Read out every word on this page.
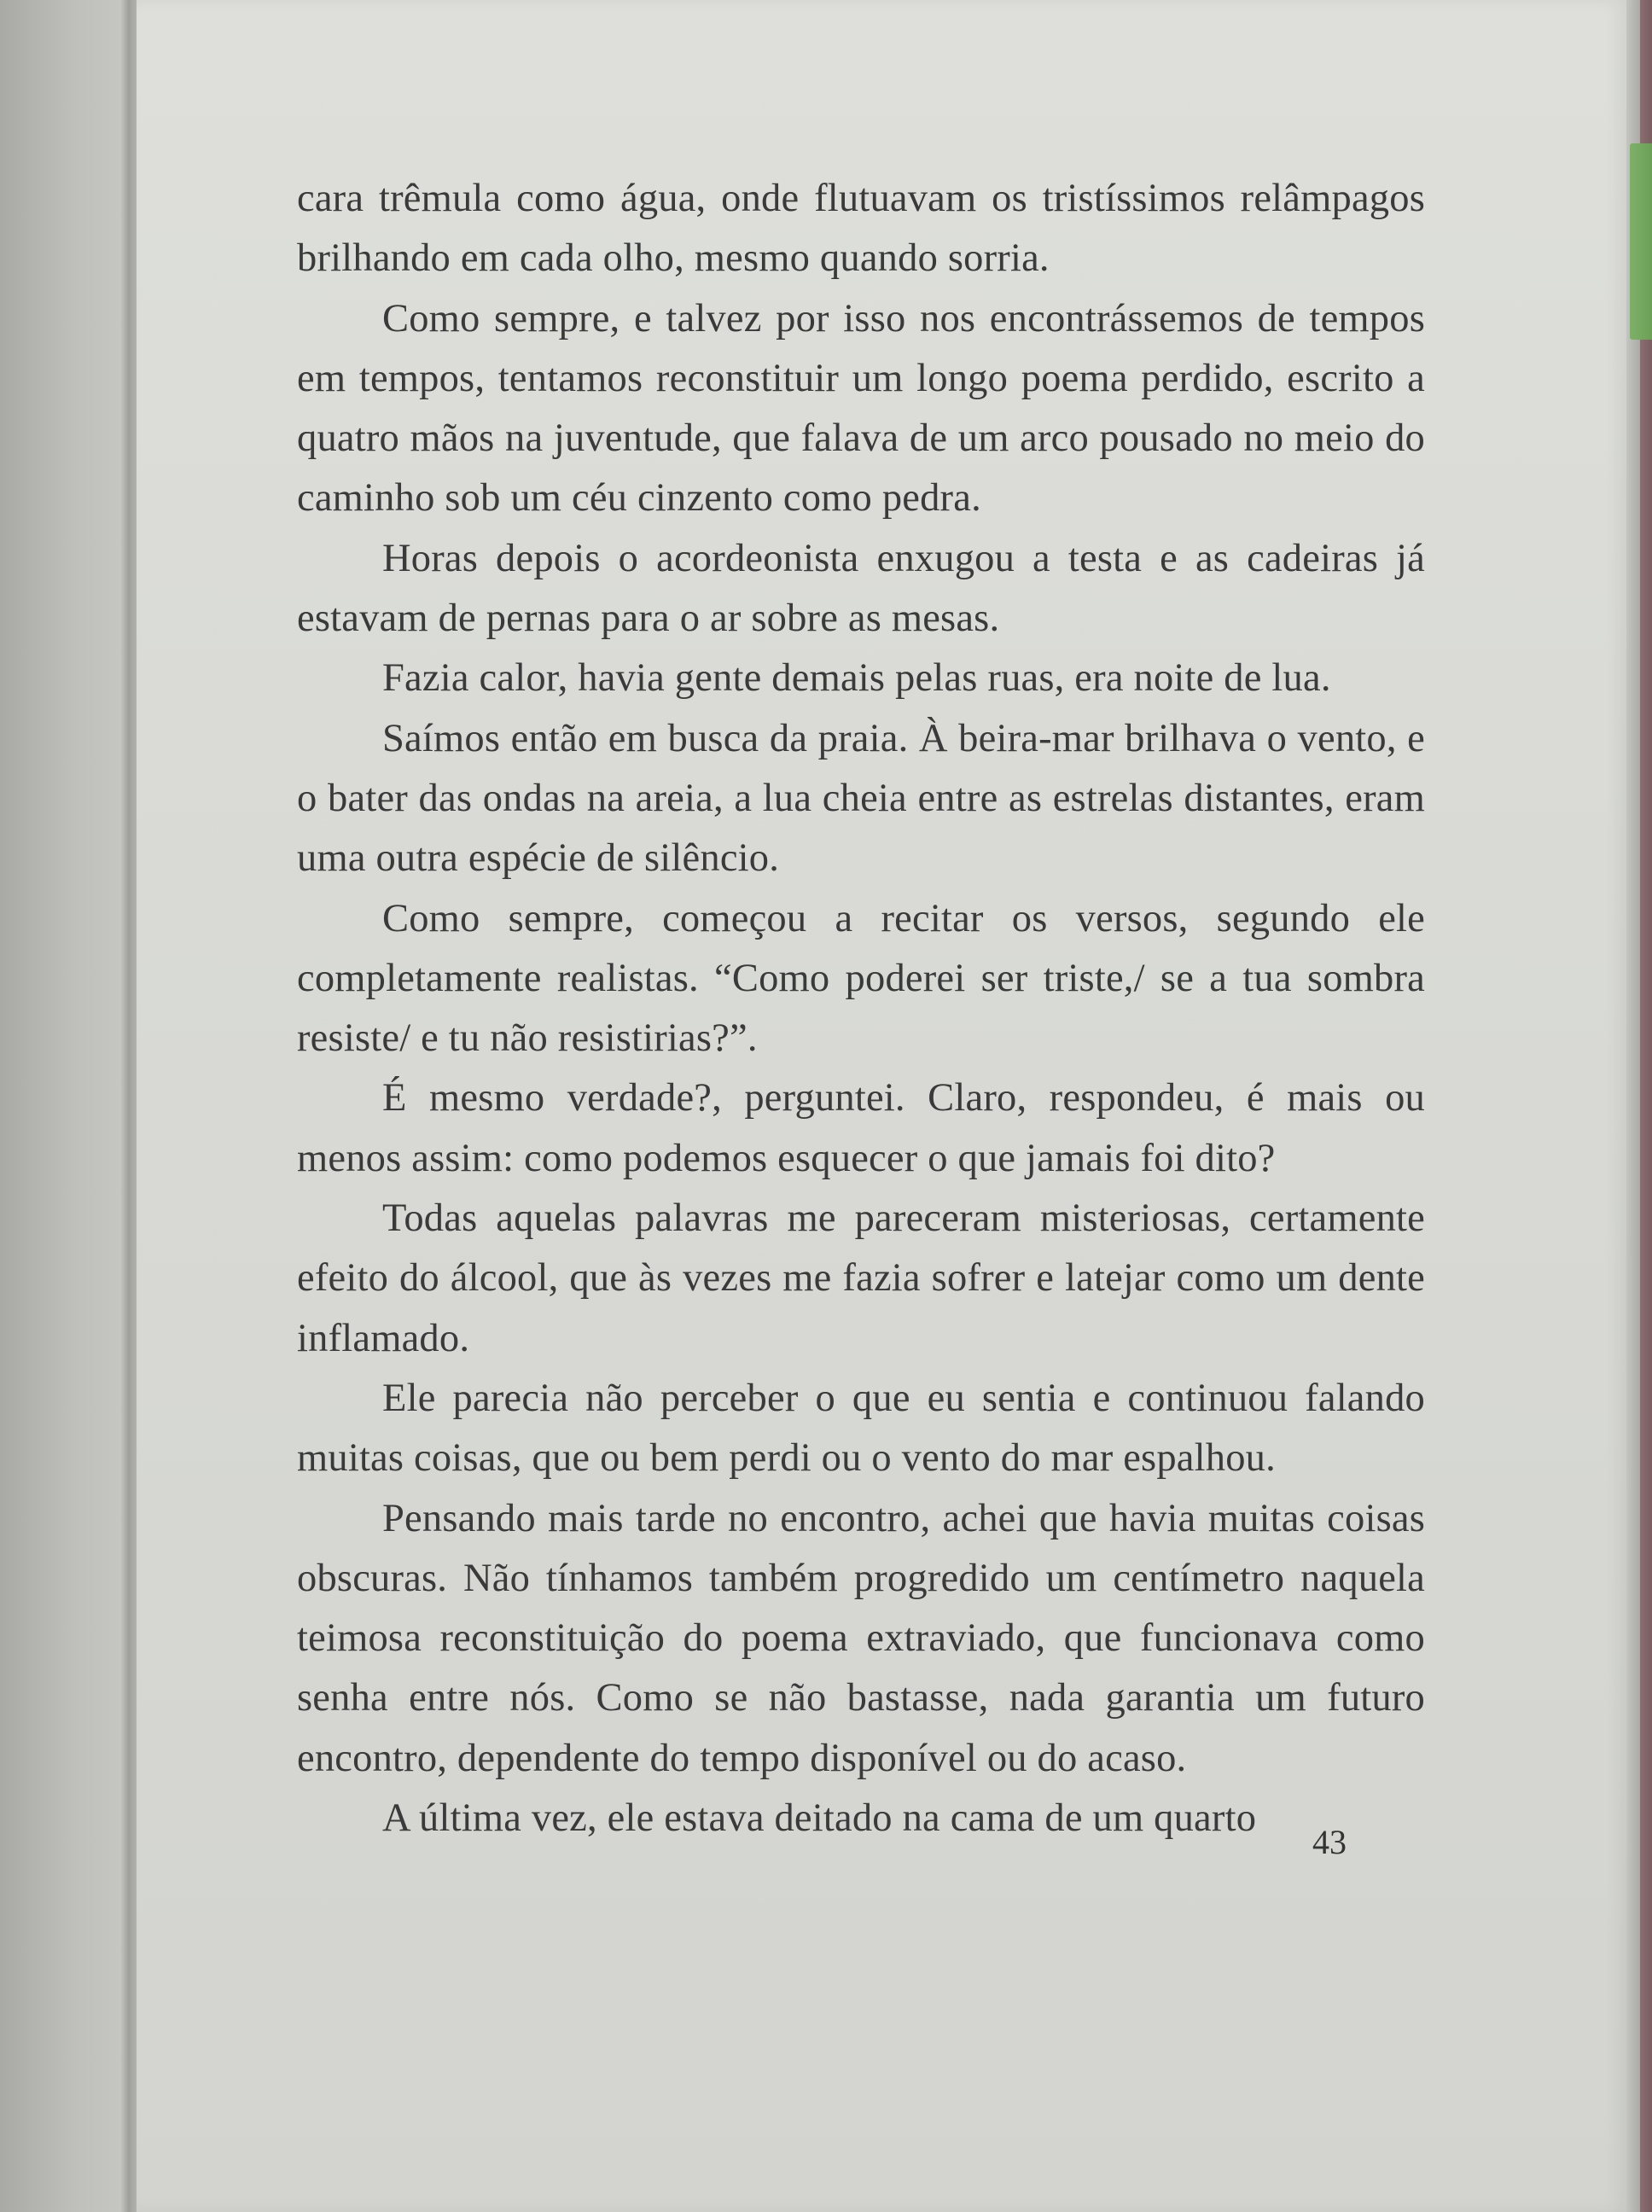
cara trêmula como água, onde flutuavam os tristíssimos relâmpagos brilhando em cada olho, mesmo quando sorria.

Como sempre, e talvez por isso nos encontrássemos de tempos em tempos, tentamos reconstituir um longo poema perdido, escrito a quatro mãos na juventude, que falava de um arco pousado no meio do caminho sob um céu cinzento como pedra.

Horas depois o acordeonista enxugou a testa e as cadeiras já estavam de pernas para o ar sobre as mesas.

Fazia calor, havia gente demais pelas ruas, era noite de lua.

Saímos então em busca da praia. À beira-mar brilhava o vento, e o bater das ondas na areia, a lua cheia entre as estrelas distantes, eram uma outra espécie de silêncio.

Como sempre, começou a recitar os versos, segundo ele completamente realistas. “Como poderei ser triste,/ se a tua sombra resiste/ e tu não resistirias?”.

É mesmo verdade?, perguntei. Claro, respondeu, é mais ou menos assim: como podemos esquecer o que jamais foi dito?

Todas aquelas palavras me pareceram misteriosas, certamente efeito do álcool, que às vezes me fazia sofrer e latejar como um dente inflamado.

Ele parecia não perceber o que eu sentia e continuou falando muitas coisas, que ou bem perdi ou o vento do mar espalhou.

Pensando mais tarde no encontro, achei que havia muitas coisas obscuras. Não tínhamos também progredido um centímetro naquela teimosa reconstituição do poema extraviado, que funcionava como senha entre nós. Como se não bastasse, nada garantia um futuro encontro, dependente do tempo disponível ou do acaso.

A última vez, ele estava deitado na cama de um quarto

43
